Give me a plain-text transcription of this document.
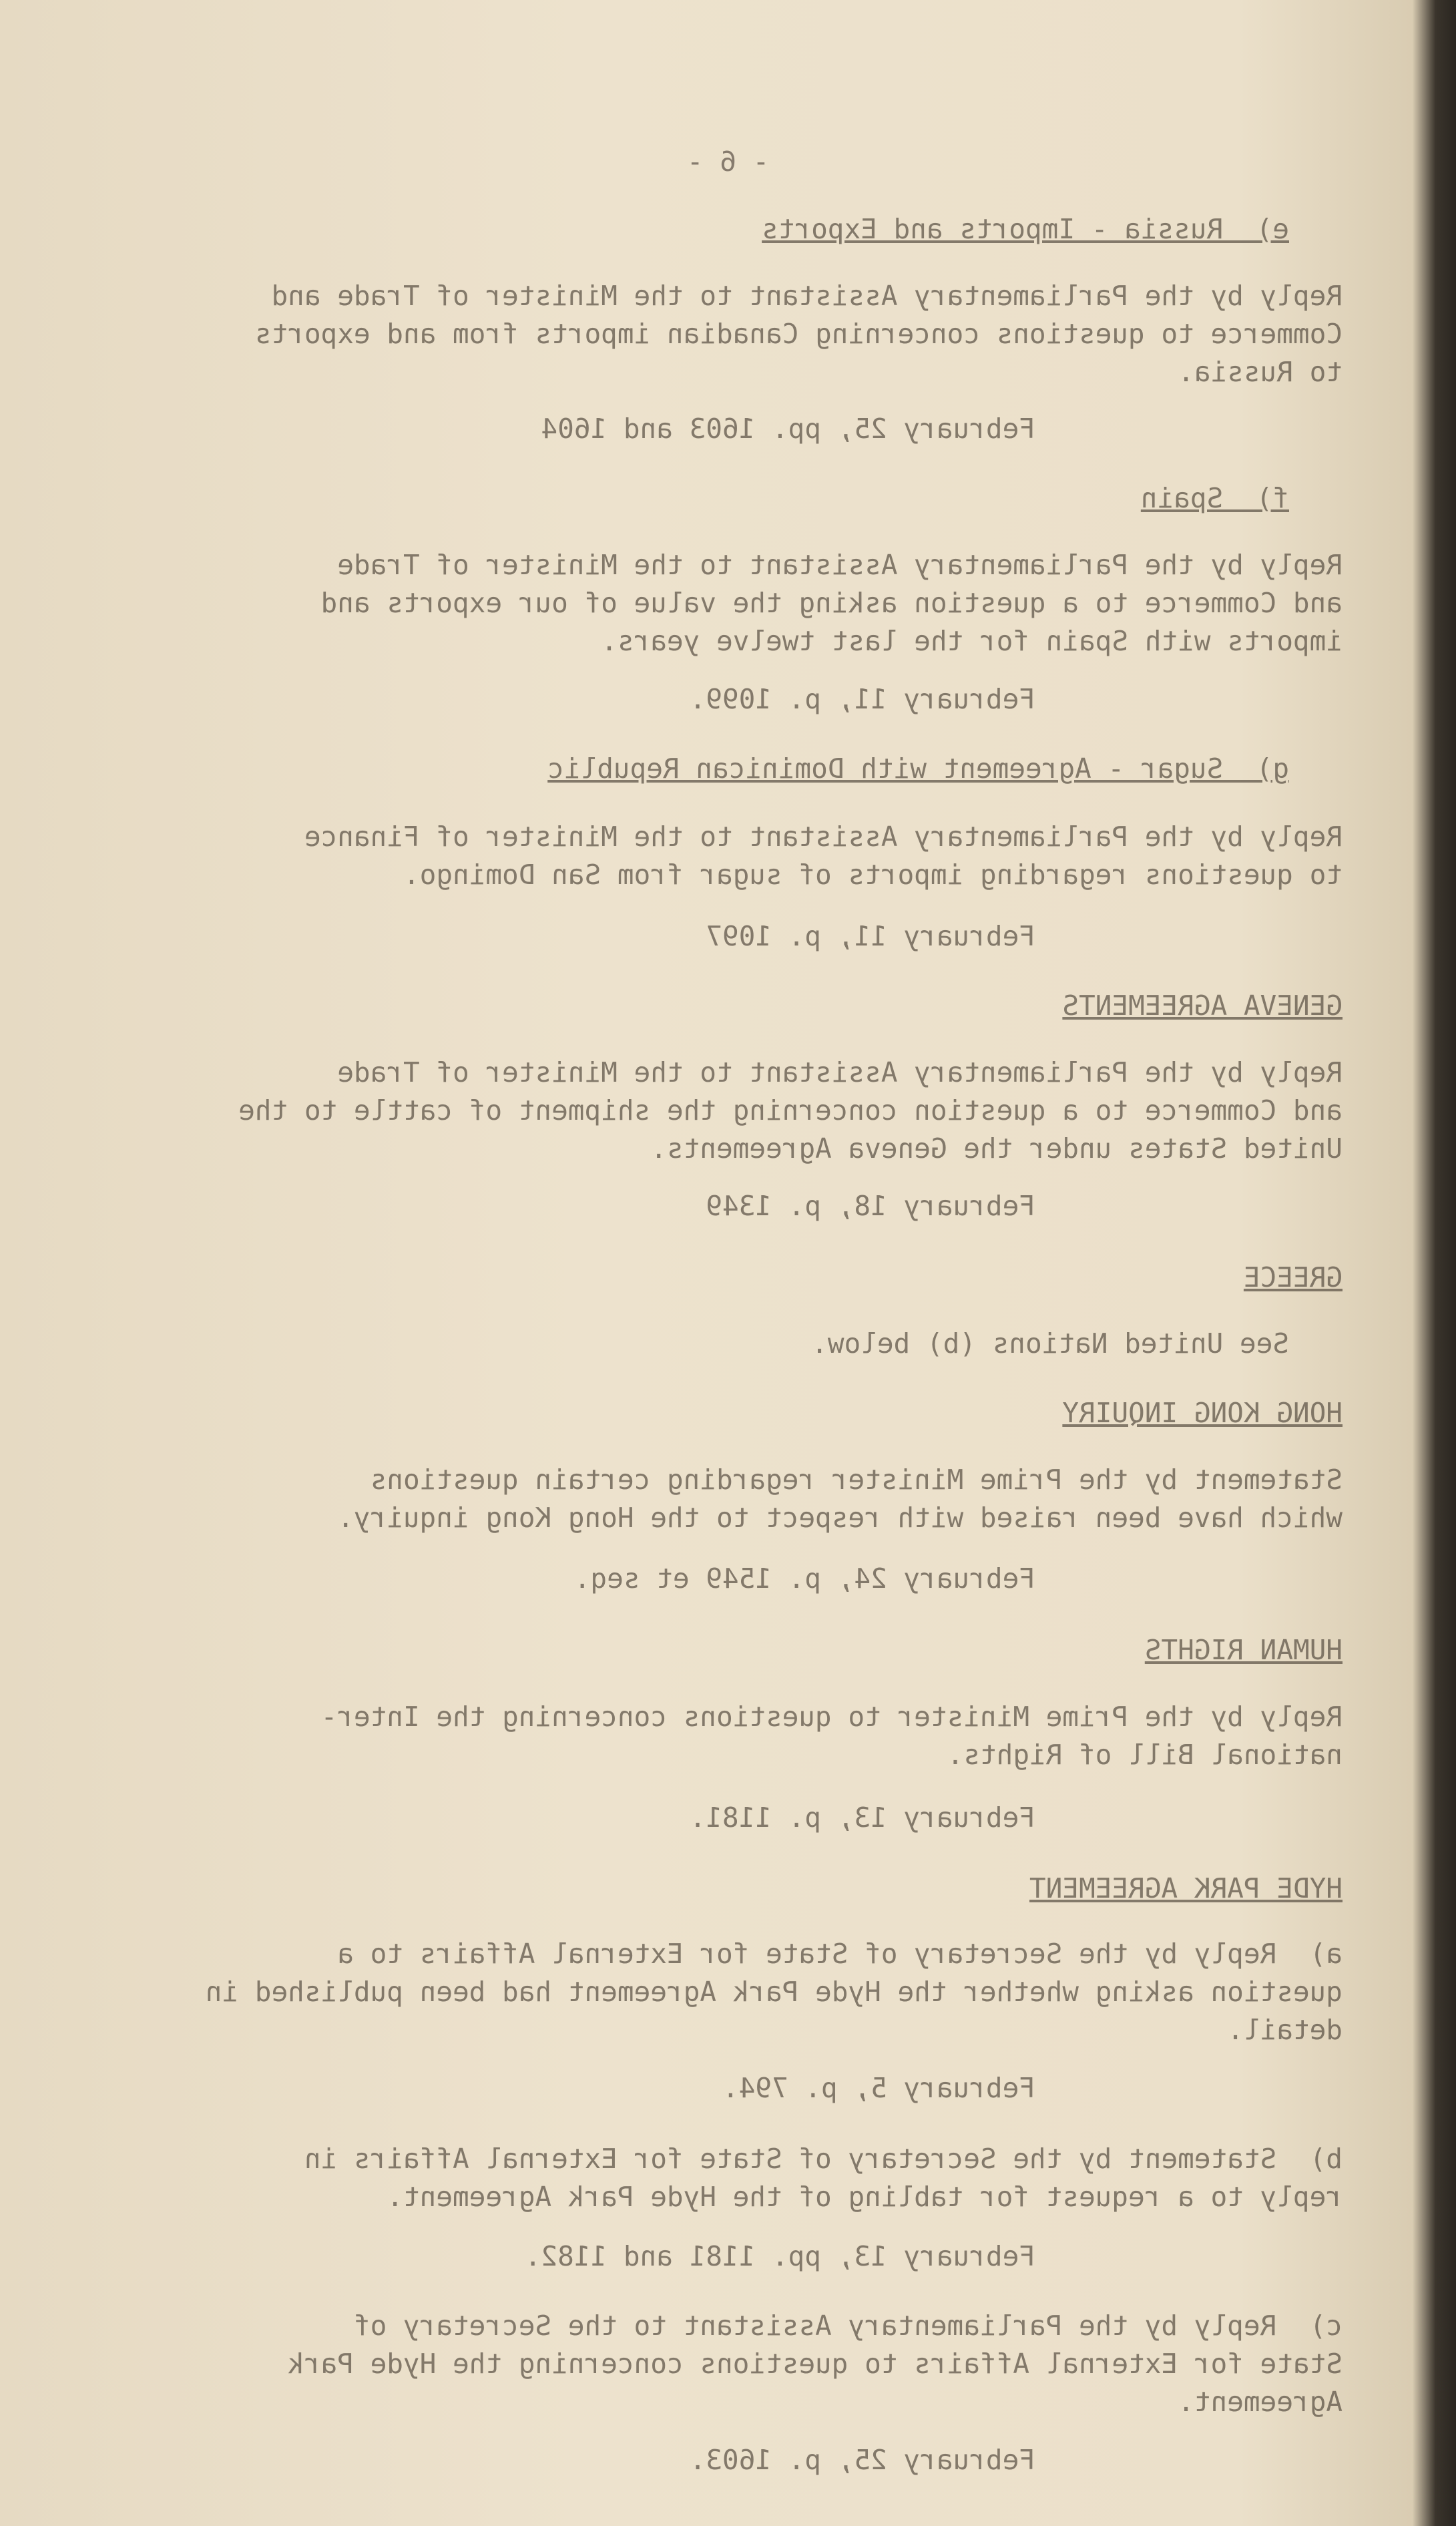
- 6 -
e)  Russia - Imports and Exports
Reply by the Parliamentary Assistant to the Minister of Trade and
Commerce to questions concerning Canadian imports from and exports
to Russia.
February 25, pp. 1603 and 1604
f)  Spain
Reply by the Parliamentary Assistant to the Minister of Trade
and Commerce to a question asking the value of our exports and
imports with Spain for the last twelve years.
February 11, p. 1099.
g)  Sugar - Agreement with Dominican Republic
Reply by the Parliamentary Assistant to the Minister of Finance
to questions regarding imports of sugar from San Domingo.
February 11, p. 1097
GENEVA AGREEMENTS
Reply by the Parliamentary Assistant to the Minister of Trade
and Commerce to a question concerning the shipment of cattle to the
United States under the Geneva Agreements.
February 18, p. 1349
GREECE
See United Nations (b) below.
HONG KONG INQUIRY
Statement by the Prime Minister regarding certain questions
which have been raised with respect to the Hong Kong inquiry.
February 24, p. 1549 et seq.
HUMAN RIGHTS
Reply by the Prime Minister to questions concerning the Inter-
national Bill of Rights.
February 13, p. 1181.
HYDE PARK AGREEMENT
a)  Reply by the Secretary of State for External Affairs to a
question asking whether the Hyde Park Agreement had been published in
detail.
February 5, p. 794.
b)  Statement by the Secretary of State for External Affairs in
reply to a request for tabling of the Hyde Park Agreement.
February 13, pp. 1181 and 1182.
c)  Reply by the Parliamentary Assistant to the Secretary of
State for External Affairs to questions concerning the Hyde Park
Agreement.
February 25, p. 1603.
